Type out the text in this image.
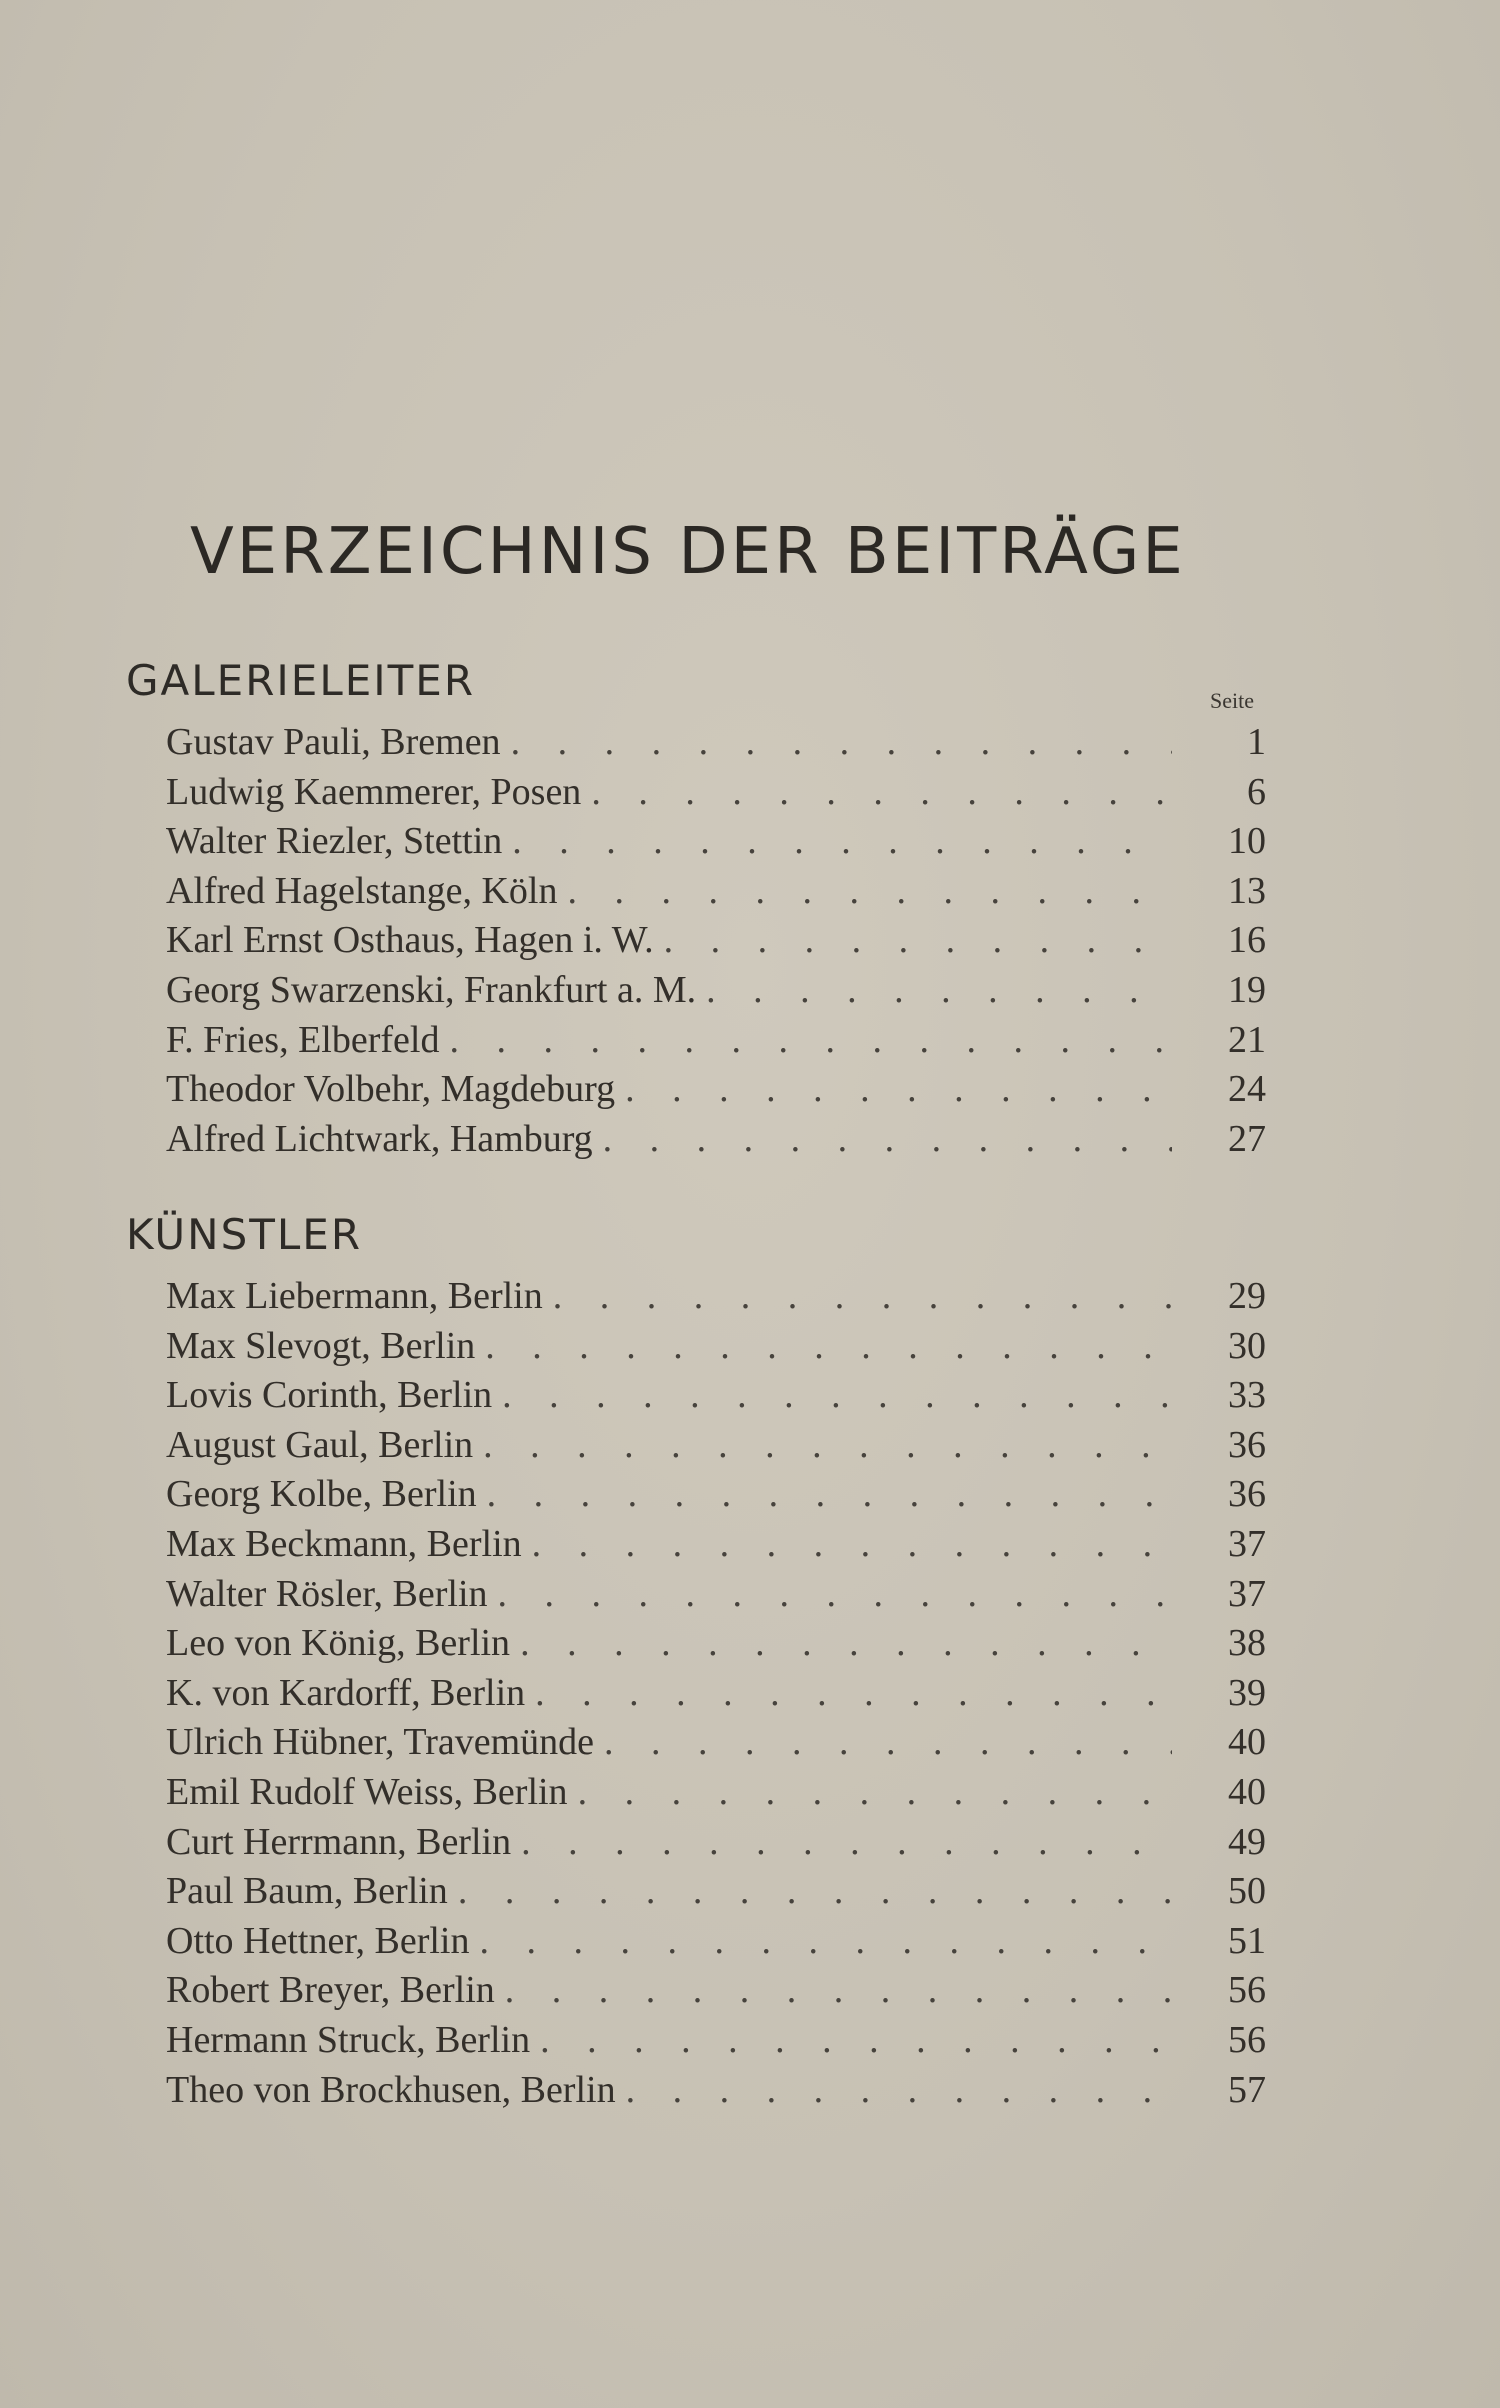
VERZEICHNIS DER BEITRÄGE
GALERIELEITER	Seite
Gustav Pauli, Bremen . . .	1
Ludwig Kaemmerer, Posen . . .	6
Walter Riezler, Stettin . . .	10
Alfred Hagelstange, Köln . . .	13
Karl Ernst Osthaus, Hagen i. W. . . .	16
Georg Swarzenski, Frankfurt a. M. . . .	19
F. Fries, Elberfeld . . .	21
Theodor Volbehr, Magdeburg . . .	24
Alfred Lichtwark, Hamburg . . .	27
KÜNSTLER
Max Liebermann, Berlin . . .	29
Max Slevogt, Berlin . . .	30
Lovis Corinth, Berlin . . .	33
August Gaul, Berlin . . .	36
Georg Kolbe, Berlin . . .	36
Max Beckmann, Berlin . . .	37
Walter Rösler, Berlin . . .	37
Leo von König, Berlin . . .	38
K. von Kardorff, Berlin . . .	39
Ulrich Hübner, Travemünde . . .	40
Emil Rudolf Weiss, Berlin . . .	40
Curt Herrmann, Berlin . . .	49
Paul Baum, Berlin . . .	50
Otto Hettner, Berlin . . .	51
Robert Breyer, Berlin . . .	56
Hermann Struck, Berlin . . .	56
Theo von Brockhusen, Berlin . . .	57
